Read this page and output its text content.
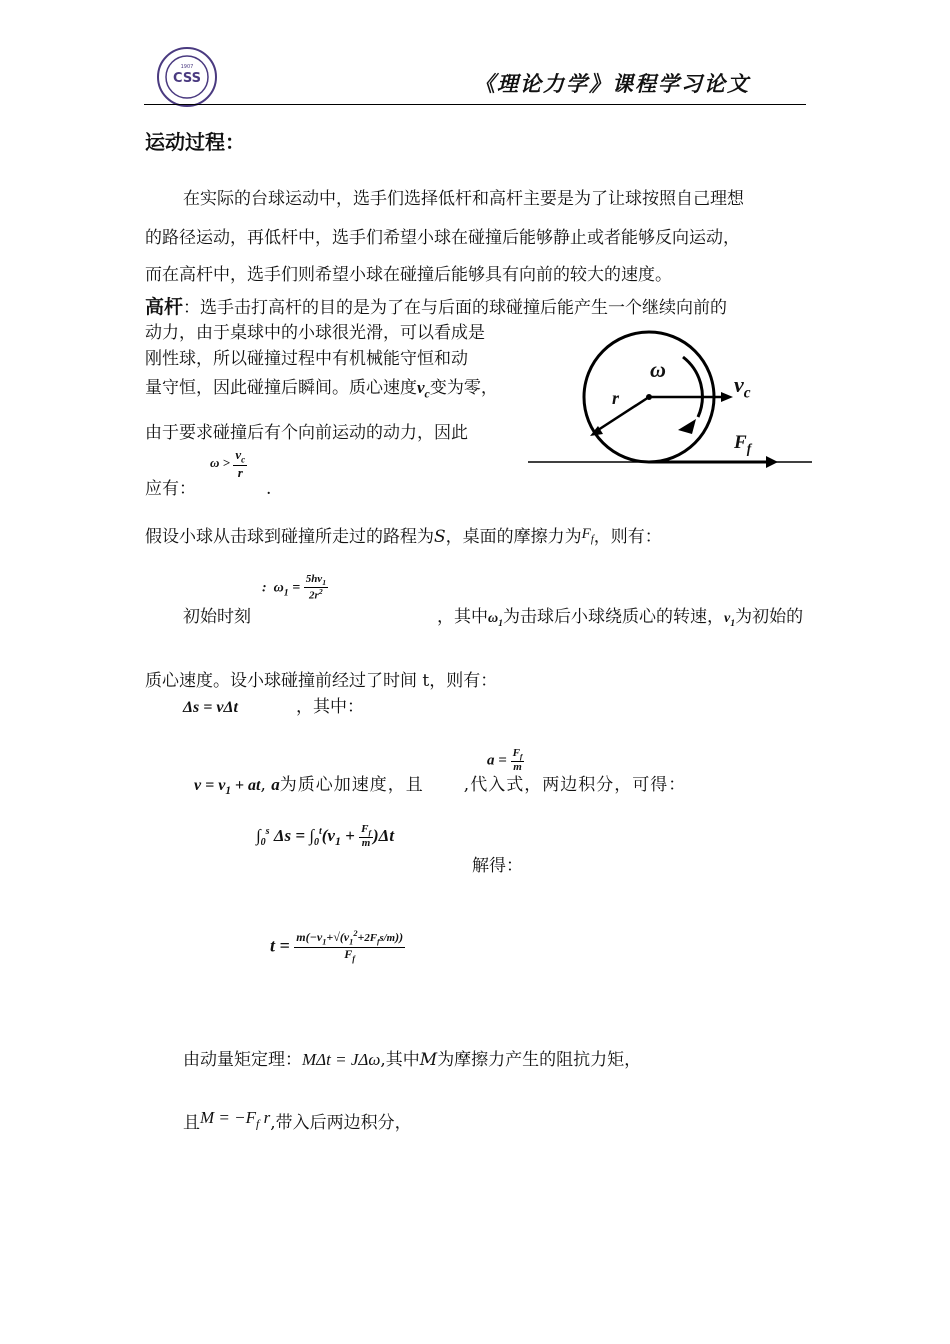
CSS
1907
《理论力学》课程学习论文
运动过程：
在实际的台球运动中，选手们选择低杆和高杆主要是为了让球按照自己理想
的路径运动，再低杆中，选手们希望小球在碰撞后能够静止或者能够反向运动，
而在高杆中，选手们则希望小球在碰撞后能够具有向前的较大的速度。
高杆：选手击打高杆的目的是为了在与后面的球碰撞后能产生一个继续向前的
动力，由于桌球中的小球很光滑，可以看成是
刚性球，所以碰撞过程中有机械能守恒和动
量守恒，因此碰撞后瞬间。质心速度$v_c$变为零，
由于要求碰撞后有个向前运动的动力，因此
$\omega > \frac{v_c}{r}$
应有：	.
ω
r
$v_c$
$F_f$
假设小球从击球到碰撞所走过的路程为S，桌面的摩擦力为$F_f$，则有：
:  $\omega_1 = \frac{5hv_1}{2r^2}$
初始时刻	，其中$\omega_1$为击球后小球绕质心的转速，$v_1$为初始的
质心速度。设小球碰撞前经过了时间 t，则有：
Δs = vΔt	，其中：
$a = \frac{F_f}{m}$
$v = v_1$ + at, a为质心加速度，且 ,代入式，两边积分，可得：
$\int_0^s$ $\Delta s = \int_0^t(v_1 + \frac{F_f}{m} )\Delta t$
解得：
$t = \frac{m(-v_1+√(v_1^2+2F_fs/m))}{F_f}$
由动量矩定理：MΔt = JΔω,其中M为摩擦力产生的阻抗力矩，
且$M = -F_f$ r,带入后两边积分，
